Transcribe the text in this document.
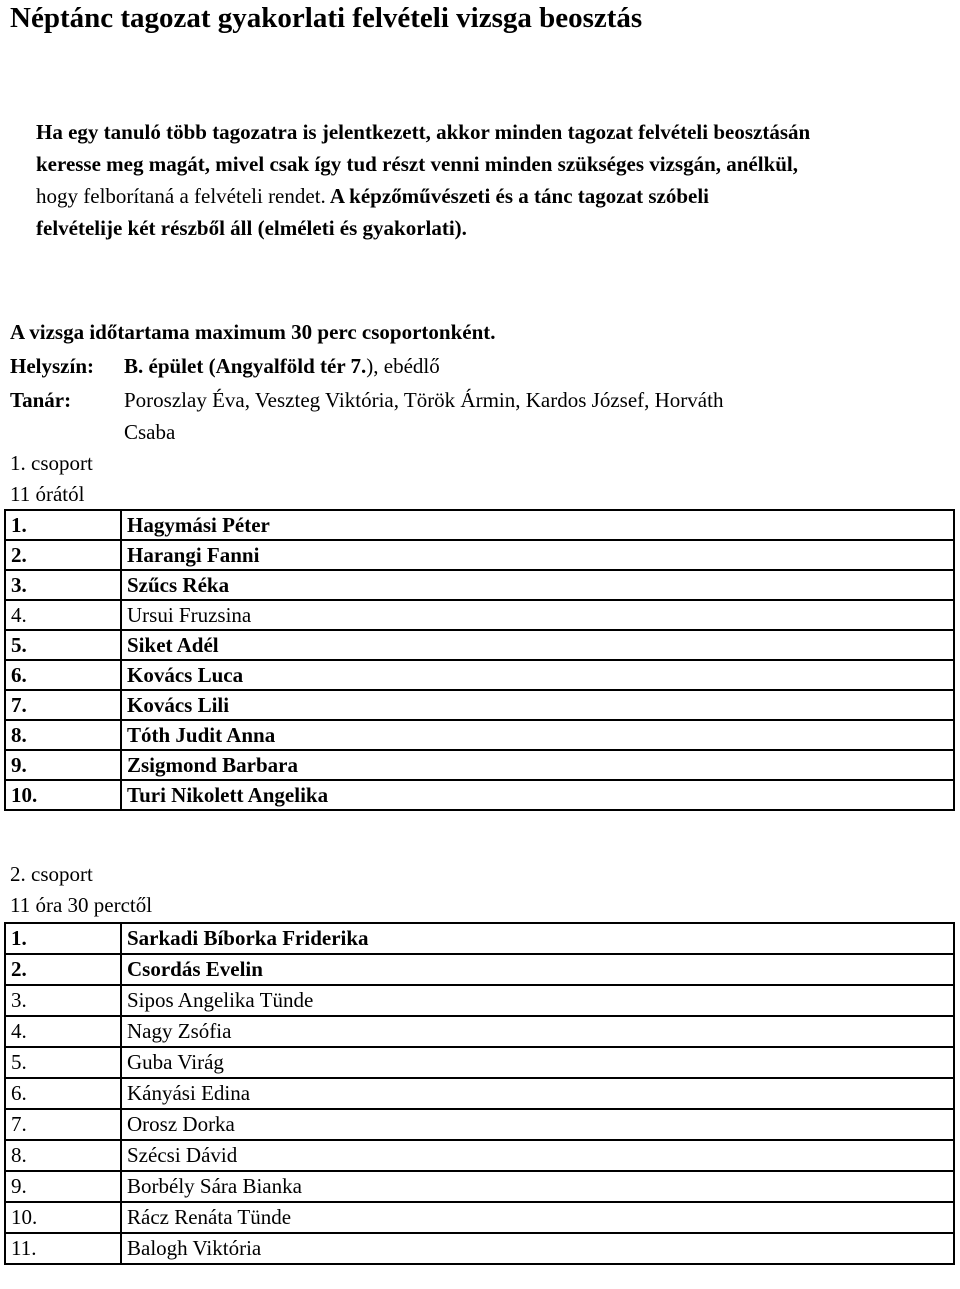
Néptánc tagozat gyakorlati felvételi vizsga beosztás
Ha egy tanuló több tagozatra is jelentkezett, akkor minden tagozat felvételi beosztásán
keresse meg magát, mivel csak így tud részt venni minden szükséges vizsgán, anélkül,
hogy felborítaná a felvételi rendet. A képzőművészeti és a tánc tagozat szóbeli
felvételije két részből áll (elméleti és gyakorlati).
A vizsga időtartama maximum 30 perc csoportonként.
Helyszín: B. épület (Angyalföld tér 7.), ebédlő
Tanár:	Poroszlay Éva, Veszteg Viktória, Török Ármin, Kardos József, Horváth
Csaba
1. csoport
11 órától
1.	Hagymási Péter
2.	Harangi Fanni
3.	Szűcs Réka
4.	Ursui Fruzsina
5.	Siket Adél
6.	Kovács Luca
7.	Kovács Lili
8.	Tóth Judit Anna
9.	Zsigmond Barbara
10.	Turi Nikolett Angelika
2. csoport
11 óra 30 perctől
1.	Sarkadi Bíborka Friderika
2.	Csordás Evelin
3.	Sipos Angelika Tünde
4.	Nagy Zsófia
5.	Guba Virág
6.	Kányási Edina
7.	Orosz Dorka
8.	Szécsi Dávid
9.	Borbély Sára Bianka
10.	Rácz Renáta Tünde
11.	Balogh Viktória
